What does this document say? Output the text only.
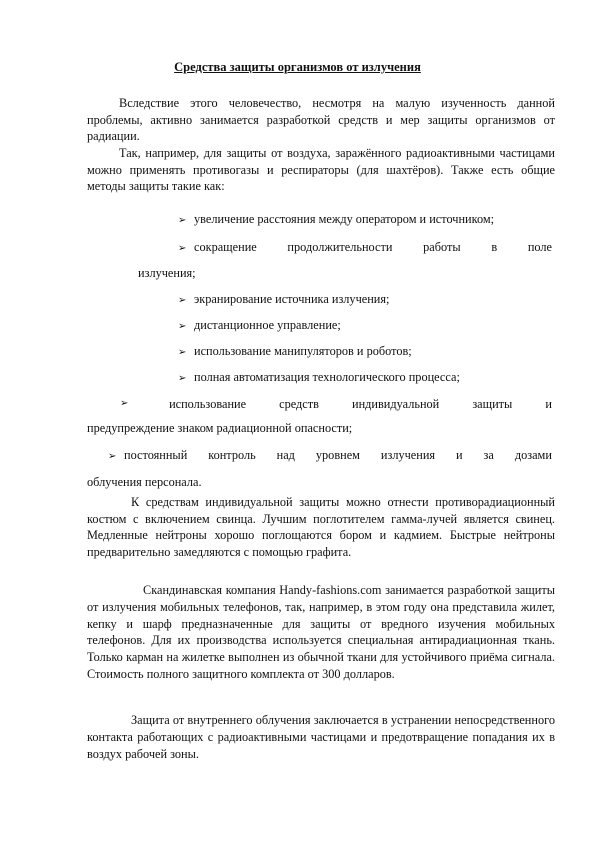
Средства защиты организмов от излучения
Вследствие этого человечество, несмотря на малую изученность данной проблемы, активно занимается разработкой средств и мер защиты организмов от радиации.
Так, например, для защиты от воздуха, заражённого радиоактивными частицами можно применять противогазы и респираторы (для шахтёров). Также есть общие методы защиты такие как:
➢ увеличение расстояния между оператором и источником;
➢ сокращение продолжительности работы в поле
излучения;
➢ экранирование источника излучения;
➢ дистанционное управление;
➢ использование манипуляторов и роботов;
➢ полная автоматизация технологического процесса;
➢	использование	средств	индивидуальной	защиты	и
предупреждение знаком радиационной опасности;
➢ постоянный контроль над уровнем излучения и за дозами
облучения персонала.
К средствам индивидуальной защиты можно отнести противорадиационный костюм с включением свинца. Лучшим поглотителем гамма-лучей является свинец. Медленные нейтроны хорошо поглощаются бором и кадмием. Быстрые нейтроны предварительно замедляются с помощью графита.
Скандинавская компания Handy-fashions.com занимается разработкой защиты от излучения мобильных телефонов, так, например, в этом году она представила жилет, кепку и шарф предназначенные для защиты от вредного изучения мобильных телефонов. Для их производства используется специальная антирадиационная ткань. Только карман на жилетке выполнен из обычной ткани для устойчивого приёма сигнала. Стоимость полного защитного комплекта от 300 долларов.
Защита от внутреннего облучения заключается в устранении непосредственного контакта работающих с радиоактивными частицами и предотвращение попадания их в воздух рабочей зоны.
